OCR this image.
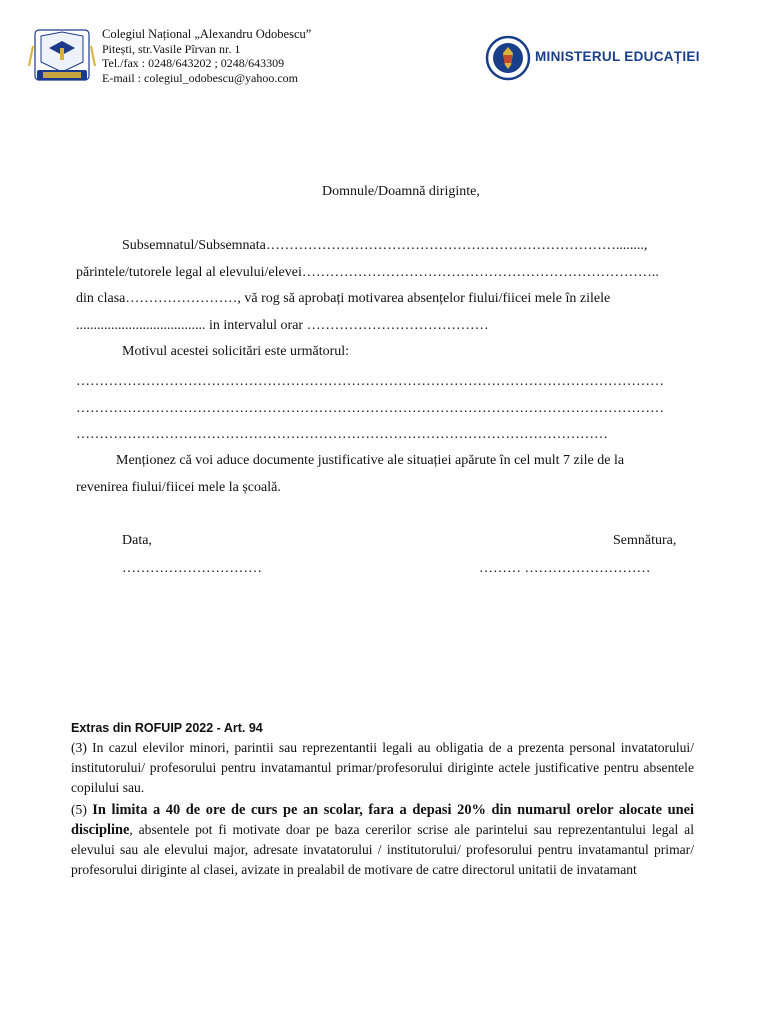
Colegiul Național „Alexandru Odobescu”
Pitești, str.Vasile Pîrvan nr. 1
Tel./fax : 0248/643202 ; 0248/643309
E-mail : colegiul_odobescu@yahoo.com
MINISTERUL EDUCAȚIEI
Domnule/Doamnă diriginte,
Subsemnatul/Subsemnata…………………………………………………………………........,
părintele/tutorele legal al elevului/elevei…………………………………………………………………..
din clasa……………………, vă rog să aprobați motivarea absențelor fiului/fiicei mele în zilele
..................................... in intervalul orar …………………………………
Motivul acestei solicitări este următorul:
………………………………………………………………………………………………………………
………………………………………………………………………………………………………………
……………………………………………………………………………………………………
Menționez că voi aduce documente justificative ale situației apărute în cel mult 7 zile de la
revenirea fiului/fiicei mele la școală.
Data,	Semnătura,
…………………………	……… ………………………
Extras din ROFUIP 2022 - Art. 94
(3) In cazul elevilor minori, parintii sau reprezentantii legali au obligatia de a prezenta personal invatatorului/ institutorului/ profesorului pentru invatamantul primar/profesorului diriginte actele justificative pentru absentele copilului sau.
(5) In limita a 40 de ore de curs pe an scolar, fara a depasi 20% din numarul orelor alocate unei discipline, absentele pot fi motivate doar pe baza cererilor scrise ale parintelui sau reprezentantului legal al elevului sau ale elevului major, adresate invatatorului / institutorului/ profesorului pentru invatamantul primar/ profesorului diriginte al clasei, avizate in prealabil de motivare de catre directorul unitatii de invatamant
